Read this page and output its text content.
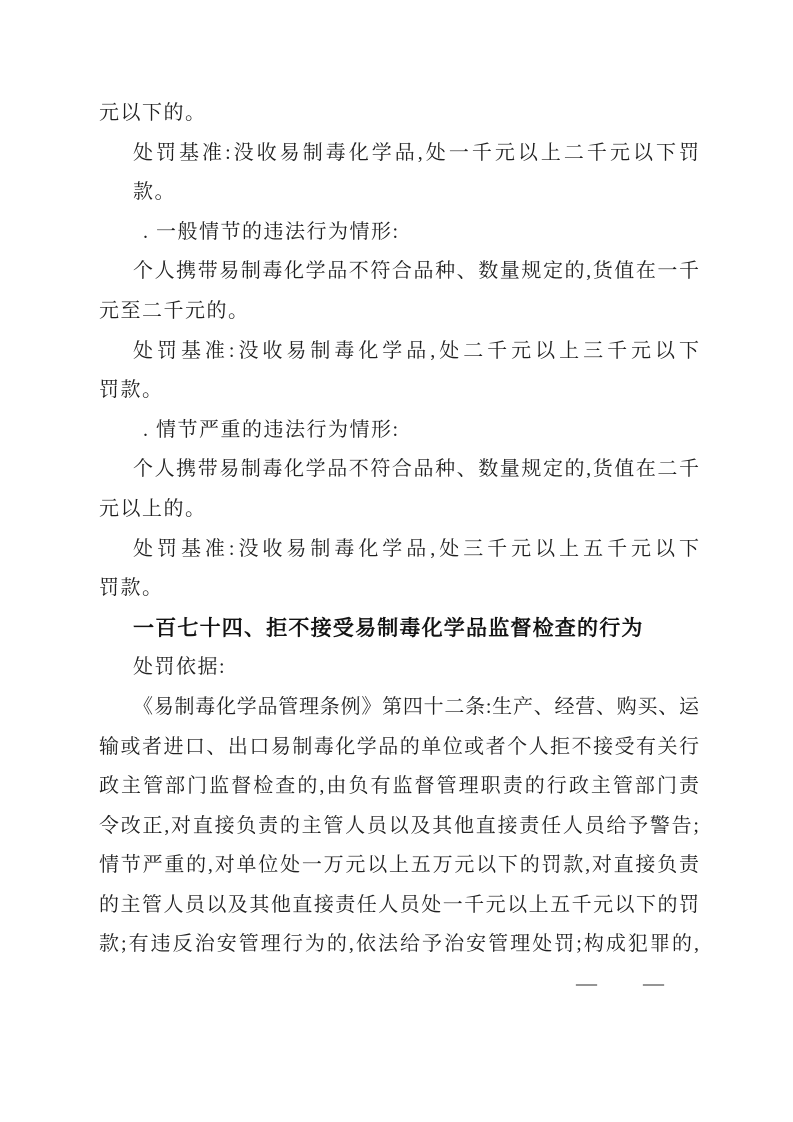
元以下的。
处罚基准:没收易制毒化学品,处一千元以上二千元以下罚
款。
. 一般情节的违法行为情形:
个人携带易制毒化学品不符合品种、数量规定的,货值在一千
元至二千元的。
处罚基准:没收易制毒化学品,处二千元以上三千元以下
罚款。
. 情节严重的违法行为情形:
个人携带易制毒化学品不符合品种、数量规定的,货值在二千
元以上的。
处罚基准:没收易制毒化学品,处三千元以上五千元以下
罚款。
一百七十四、拒不接受易制毒化学品监督检查的行为
处罚依据:
《易制毒化学品管理条例》第四十二条:生产、经营、购买、运
输或者进口、出口易制毒化学品的单位或者个人拒不接受有关行
政主管部门监督检查的,由负有监督管理职责的行政主管部门责
令改正,对直接负责的主管人员以及其他直接责任人员给予警告;
情节严重的,对单位处一万元以上五万元以下的罚款,对直接负责
的主管人员以及其他直接责任人员处一千元以上五千元以下的罚
款;有违反治安管理行为的,依法给予治安管理处罚;构成犯罪的,
— —
